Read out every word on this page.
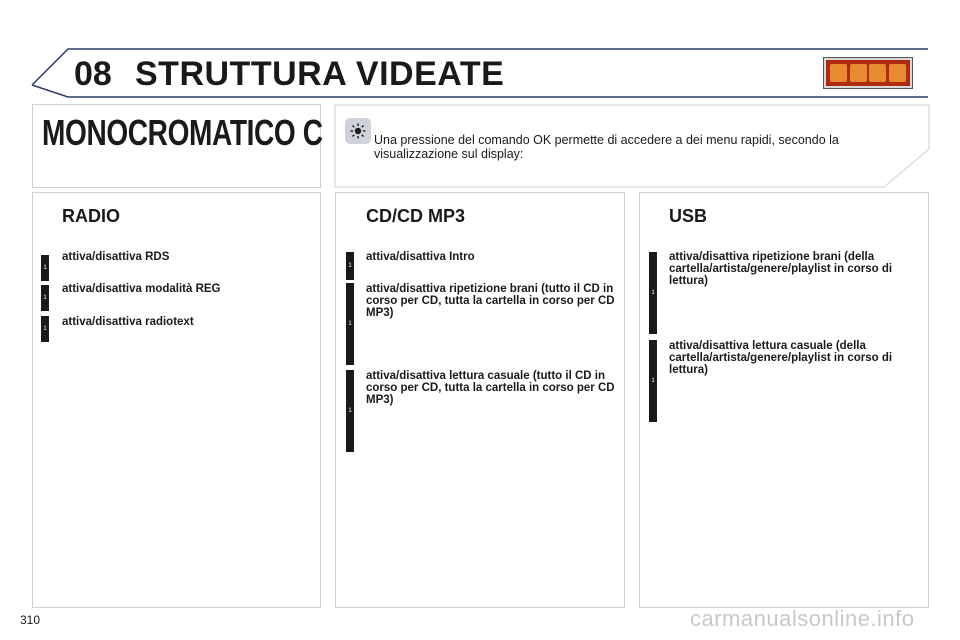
08 STRUTTURA VIDEATE
MONOCROMATICO C	Una pressione del comando OK permette di accedere a dei menu rapidi, secondo la visualizzazione sul display:
RADIO
1
attiva/disattiva RDS
1
attiva/disattiva modalità REG
1
attiva/disattiva radiotext
CD/CD MP3
1
attiva/disattiva Intro
1
attiva/disattiva ripetizione brani (tutto il CD in corso per CD, tutta la cartella in corso per CD MP3)
1
attiva/disattiva lettura casuale (tutto il CD in corso per CD, tutta la cartella in corso per CD MP3)
USB
1
attiva/disattiva ripetizione brani (della cartella/artista/genere/playlist in corso di lettura)
1
attiva/disattiva lettura casuale (della cartella/artista/genere/playlist in corso di lettura)
310	carmanualsonline.info
